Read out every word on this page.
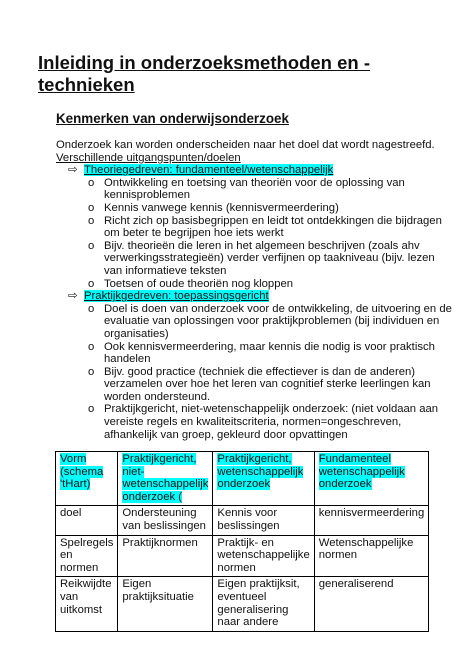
Inleiding in onderzoeksmethoden en -technieken
Kenmerken van onderwijsonderzoek
Onderzoek kan worden onderscheiden naar het doel dat wordt nagestreefd.
Verschillende uitgangspunten/doelen
⇨ Theoriegedreven: fundamenteel/wetenschappelijk
o Ontwikkeling en toetsing van theoriën voor de oplossing van kennisproblemen
o Kennis vanwege kennis (kennisvermeerdering)
o Richt zich op basisbegrippen en leidt tot ontdekkingen die bijdragen om beter te begrijpen hoe iets werkt
o Bijv. theorieën die leren in het algemeen beschrijven (zoals ahv verwerkingsstrategieën) verder verfijnen op taakniveau (bijv. lezen van informatieve teksten
o Toetsen of oude theoriën nog kloppen
⇨ Praktijkgedreven: toepassingsgericht
o Doel is doen van onderzoek voor de ontwikkeling, de uitvoering en de evaluatie van oplossingen voor praktijkproblemen (bij individuen en organisaties)
o Ook kennisvermeerdering, maar kennis die nodig is voor praktisch handelen
o Bijv. good practice (techniek die effectiever is dan de anderen) verzamelen over hoe het leren van cognitief sterke leerlingen kan worden ondersteund.
o Praktijkgericht, niet-wetenschappelijk onderzoek: (niet voldaan aan vereiste regels en kwaliteitscriteria, normen=ongeschreven, afhankelijk van groep, gekleurd door opvattingen
Vorm (schema 'tHart)	Praktijkgericht, niet-wetenschappelijk onderzoek (	Praktijkgericht, wetenschappelijk onderzoek	Fundamenteel wetenschappelijk onderzoek
doel	Ondersteuning van beslissingen	Kennis voor beslissingen	kennisvermeerdering
Spelregels en normen	Praktijknormen	Praktijk- en wetenschappelijke normen	Wetenschappelijke normen
Reikwijdte van uitkomst	Eigen praktijksituatie	Eigen praktijksit, eventueel generalisering naar andere	generaliserend
